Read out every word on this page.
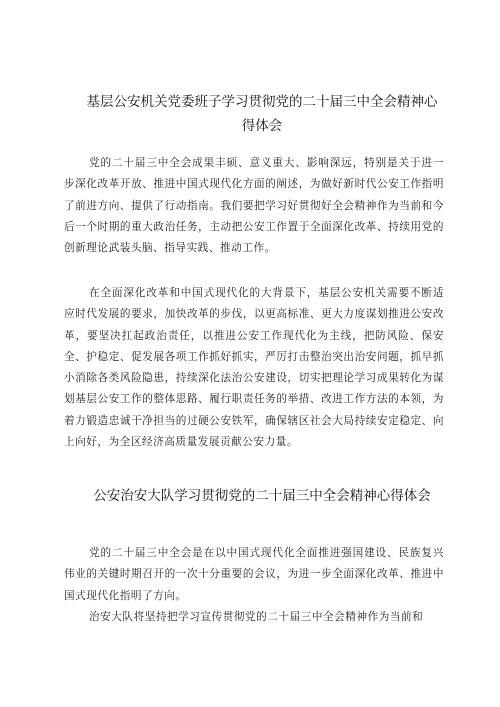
基层公安机关党委班子学习贯彻党的二十届三中全会精神心得体会

党的二十届三中全会成果丰硕、意义重大、影响深远，特别是关于进一步深化改革开放、推进中国式现代化方面的阐述，为做好新时代公安工作指明了前进方向、提供了行动指南。我们要把学习好贯彻好全会精神作为当前和今后一个时期的重大政治任务，主动把公安工作置于全面深化改革、持续用党的创新理论武装头脑、指导实践、推动工作。

在全面深化改革和中国式现代化的大背景下，基层公安机关需要不断适应时代发展的要求，加快改革的步伐，以更高标准、更大力度谋划推进公安改革，要坚决扛起政治责任，以推进公安工作现代化为主线，把防风险、保安全、护稳定、促发展各项工作抓好抓实，严厉打击整治突出治安问题，抓早抓小消除各类风险隐患，持续深化法治公安建设，切实把理论学习成果转化为谋划基层公安工作的整体思路、履行职责任务的举措、改进工作方法的本领，为着力锻造忠诚干净担当的过硬公安铁军，确保辖区社会大局持续安定稳定、向上向好，为全区经济高质量发展贡献公安力量。

公安治安大队学习贯彻党的二十届三中全会精神心得体会

党的二十届三中全会是在以中国式现代化全面推进强国建设、民族复兴伟业的关键时期召开的一次十分重要的会议，为进一步全面深化改革、推进中国式现代化指明了方向。

治安大队将坚持把学习宣传贯彻党的二十届三中全会精神作为当前和
